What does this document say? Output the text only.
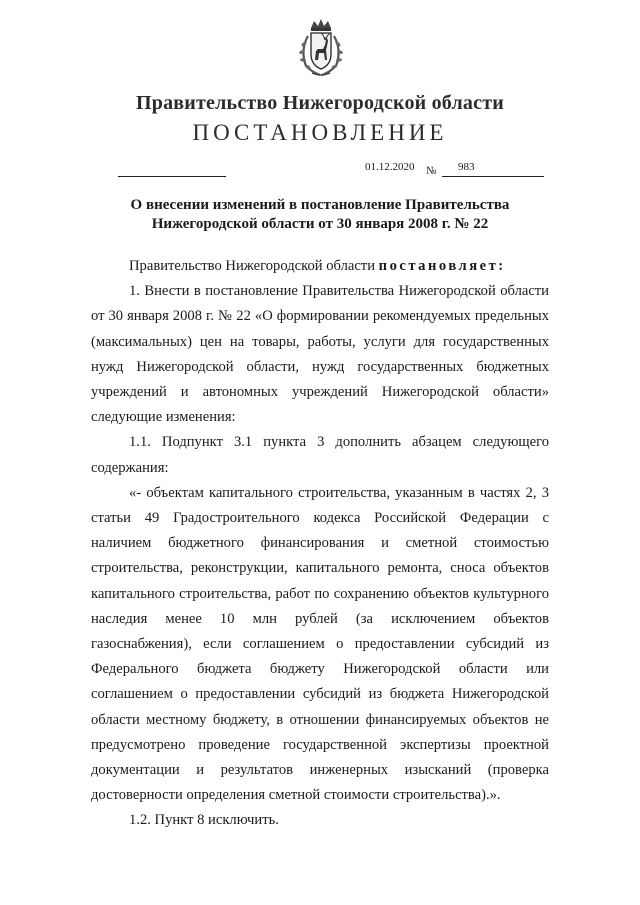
Правительство Нижегородской области
ПОСТАНОВЛЕНИЕ
01.12.2020 № 983
О внесении изменений в постановление Правительства
Нижегородской области от 30 января 2008 г. № 22

Правительство Нижегородской области постановляет:

1. Внести в постановление Правительства Нижегородской области от 30 января 2008 г. № 22 «О формировании рекомендуемых предельных (максимальных) цен на товары, работы, услуги для государственных нужд Нижегородской области, нужд государственных бюджетных учреждений и автономных учреждений Нижегородской области» следующие изменения:

1.1. Подпункт 3.1 пункта 3 дополнить абзацем следующего содержания:

«- объектам капитального строительства, указанным в частях 2, 3 статьи 49 Градостроительного кодекса Российской Федерации с наличием бюджетного финансирования и сметной стоимостью строительства, реконструкции, капитального ремонта, сноса объектов капитального строительства, работ по сохранению объектов культурного наследия менее 10 млн рублей (за исключением объектов газоснабжения), если соглашением о предоставлении субсидий из Федерального бюджета бюджету Нижегородской области или соглашением о предоставлении субсидий из бюджета Нижегородской области местному бюджету, в отношении финансируемых объектов не предусмотрено проведение государственной экспертизы проектной документации и результатов инженерных изысканий (проверка достоверности определения сметной стоимости строительства).».

1.2. Пункт 8 исключить.
